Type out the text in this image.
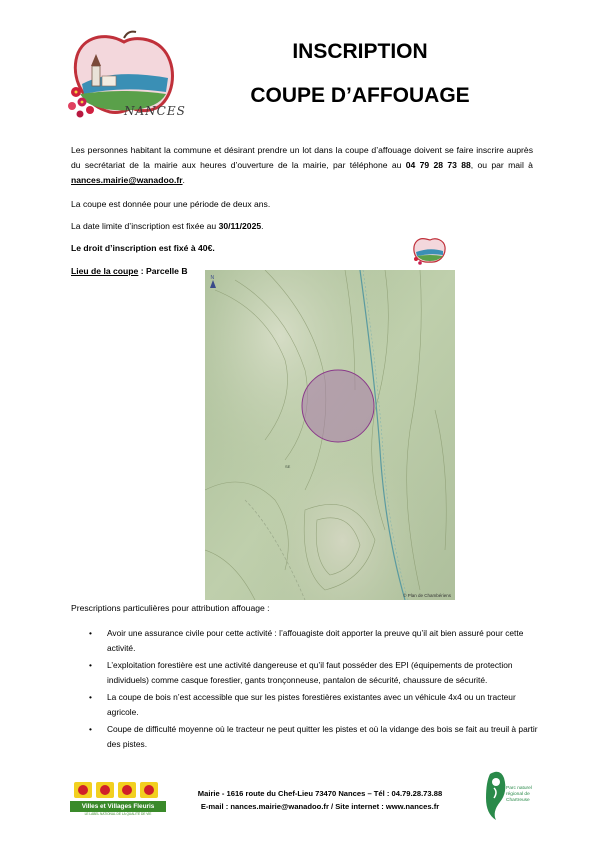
NANCES
INSCRIPTION
COUPE D’AFFOUAGE
Les personnes habitant la commune et désirant prendre un lot dans la coupe d’affouage doivent se faire inscrire auprès du secrétariat de la mairie aux heures d’ouverture de la mairie, par téléphone au 04 79 28 73 88, ou par mail à nances.mairie@wanadoo.fr.
La coupe est donnée pour une période de deux ans.
La date limite d’inscription est fixée au 30/11/2025.
Le droit d’inscription est fixé à 40€.
Lieu de la coupe : Parcelle B
N
SE
© Plan de Chambériens
Prescriptions particulières pour attribution affouage :
• Avoir une assurance civile pour cette activité : l’affouagiste doit apporter la preuve qu’il ait bien assuré pour cette activité.
• L’exploitation forestière est une activité dangereuse et qu’il faut posséder des EPI (équipements de protection individuels) comme casque forestier, gants tronçonneuse, pantalon de sécurité, chaussure de sécurité.
• La coupe de bois n’est accessible que sur les pistes forestières existantes avec un véhicule 4x4 ou un tracteur agricole.
• Coupe de difficulté moyenne où le tracteur ne peut quitter les pistes et où la vidange des bois se fait au treuil à partir des pistes.
Villes et Villages Fleuris
LE LABEL NATIONAL DE LA QUALITÉ DE VIE
Mairie - 1616 route du Chef-Lieu 73470 Nances – Tél : 04.79.28.73.88
E-mail : nances.mairie@wanadoo.fr / Site internet : www.nances.fr
Parc naturel régional de Chartreuse
